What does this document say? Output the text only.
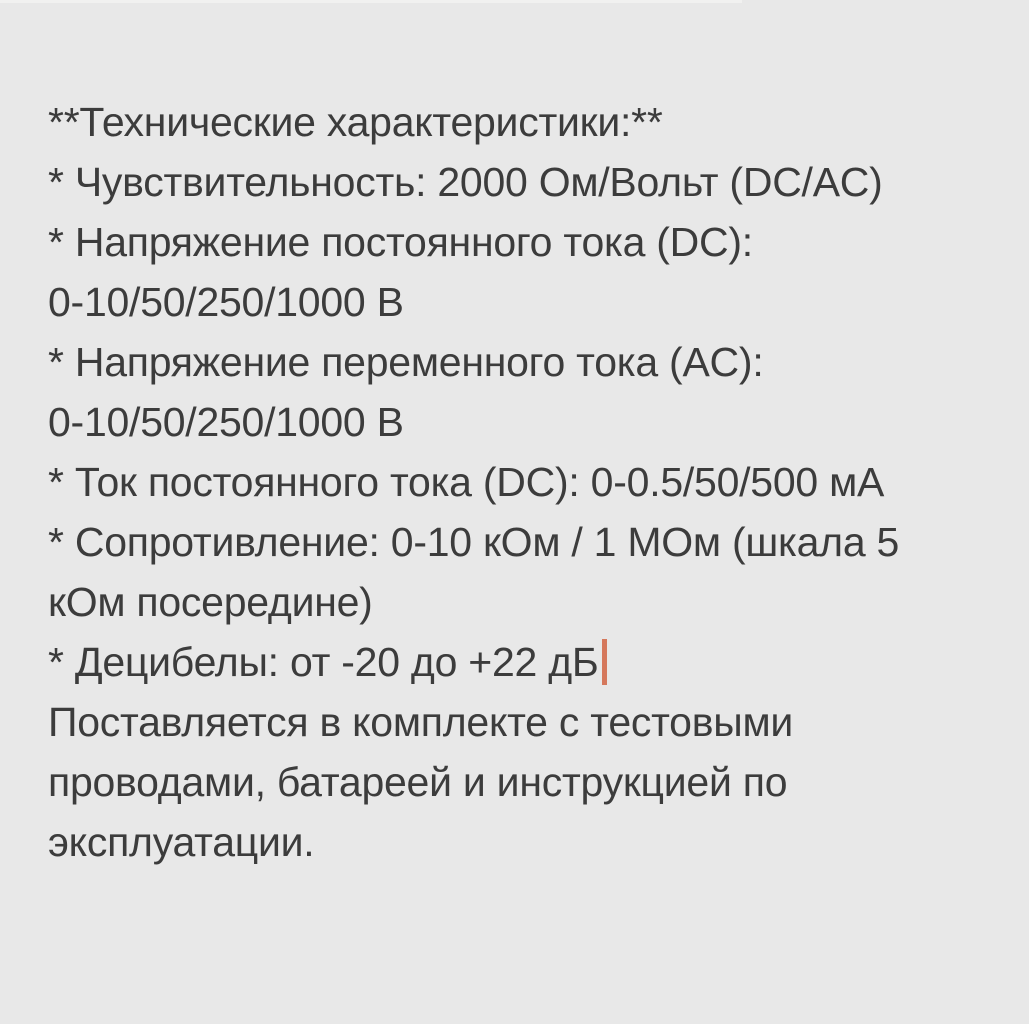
**Технические характеристики:**
* Чувствительность: 2000 Ом/Вольт (DC/AC)
* Напряжение постоянного тока (DC):
0-10/50/250/1000 В
* Напряжение переменного тока (AC):
0-10/50/250/1000 В
* Ток постоянного тока (DC): 0-0.5/50/500 мА
* Сопротивление: 0-10 кОм / 1 МОм (шкала 5
кОм посередине)
* Децибелы: от -20 до +22 дБ
Поставляется в комплекте с тестовыми
проводами, батареей и инструкцией по
эксплуатации.
